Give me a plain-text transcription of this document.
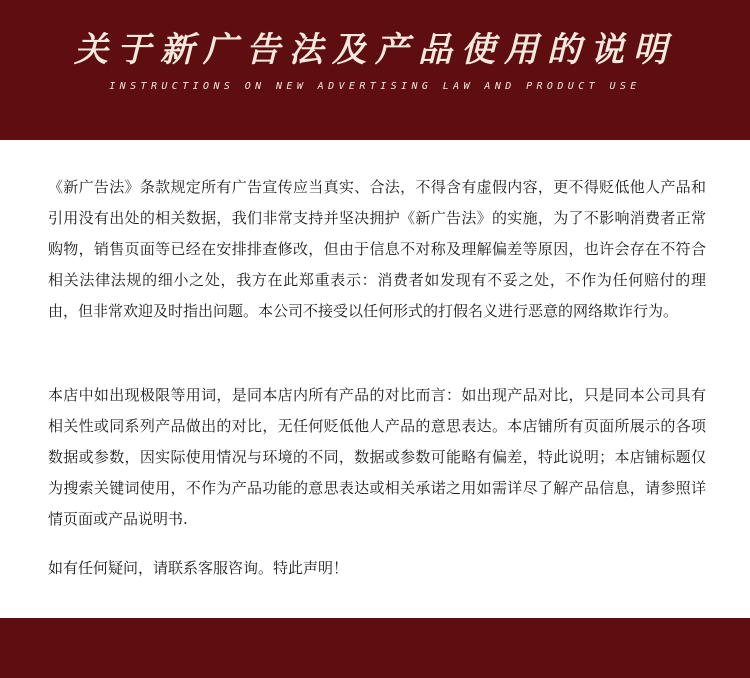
关于新广告法及产品使用的说明
INSTRUCTIONS ON NEW ADVERTISING LAW AND PRODUCT USE

《新广告法》条款规定所有广告宣传应当真实、合法，不得含有虚假内容，更不得贬低他人产品和引用没有出处的相关数据，我们非常支持并坚决拥护《新广告法》的实施，为了不影响消费者正常购物，销售页面等已经在安排排查修改，但由于信息不对称及理解偏差等原因，也许会存在不符合相关法律法规的细小之处，我方在此郑重表示：消费者如发现有不妥之处，不作为任何赔付的理由，但非常欢迎及时指出问题。本公司不接受以任何形式的打假名义进行恶意的网络欺诈行为。

本店中如出现极限等用词，是同本店内所有产品的对比而言：如出现产品对比，只是同本公司具有相关性或同系列产品做出的对比，无任何贬低他人产品的意思表达。本店铺所有页面所展示的各项数据或参数，因实际使用情况与环境的不同，数据或参数可能略有偏差，特此说明；本店铺标题仅为搜索关键词使用，不作为产品功能的意思表达或相关承诺之用如需详尽了解产品信息，请参照详情页面或产品说明书.

如有任何疑问，请联系客服咨询。特此声明！
